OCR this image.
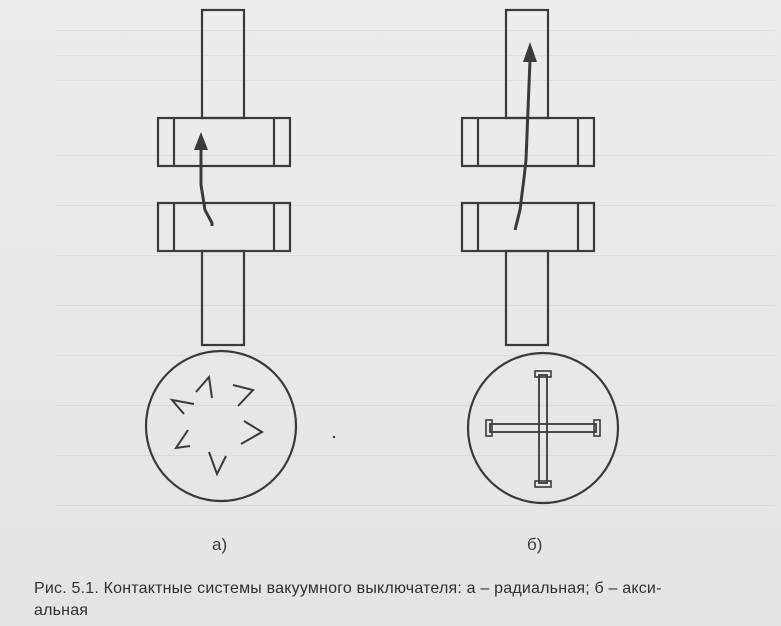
а)	б)
Рис. 5.1. Контактные системы вакуумного выключателя: а – радиальная; б – акси-
альная
